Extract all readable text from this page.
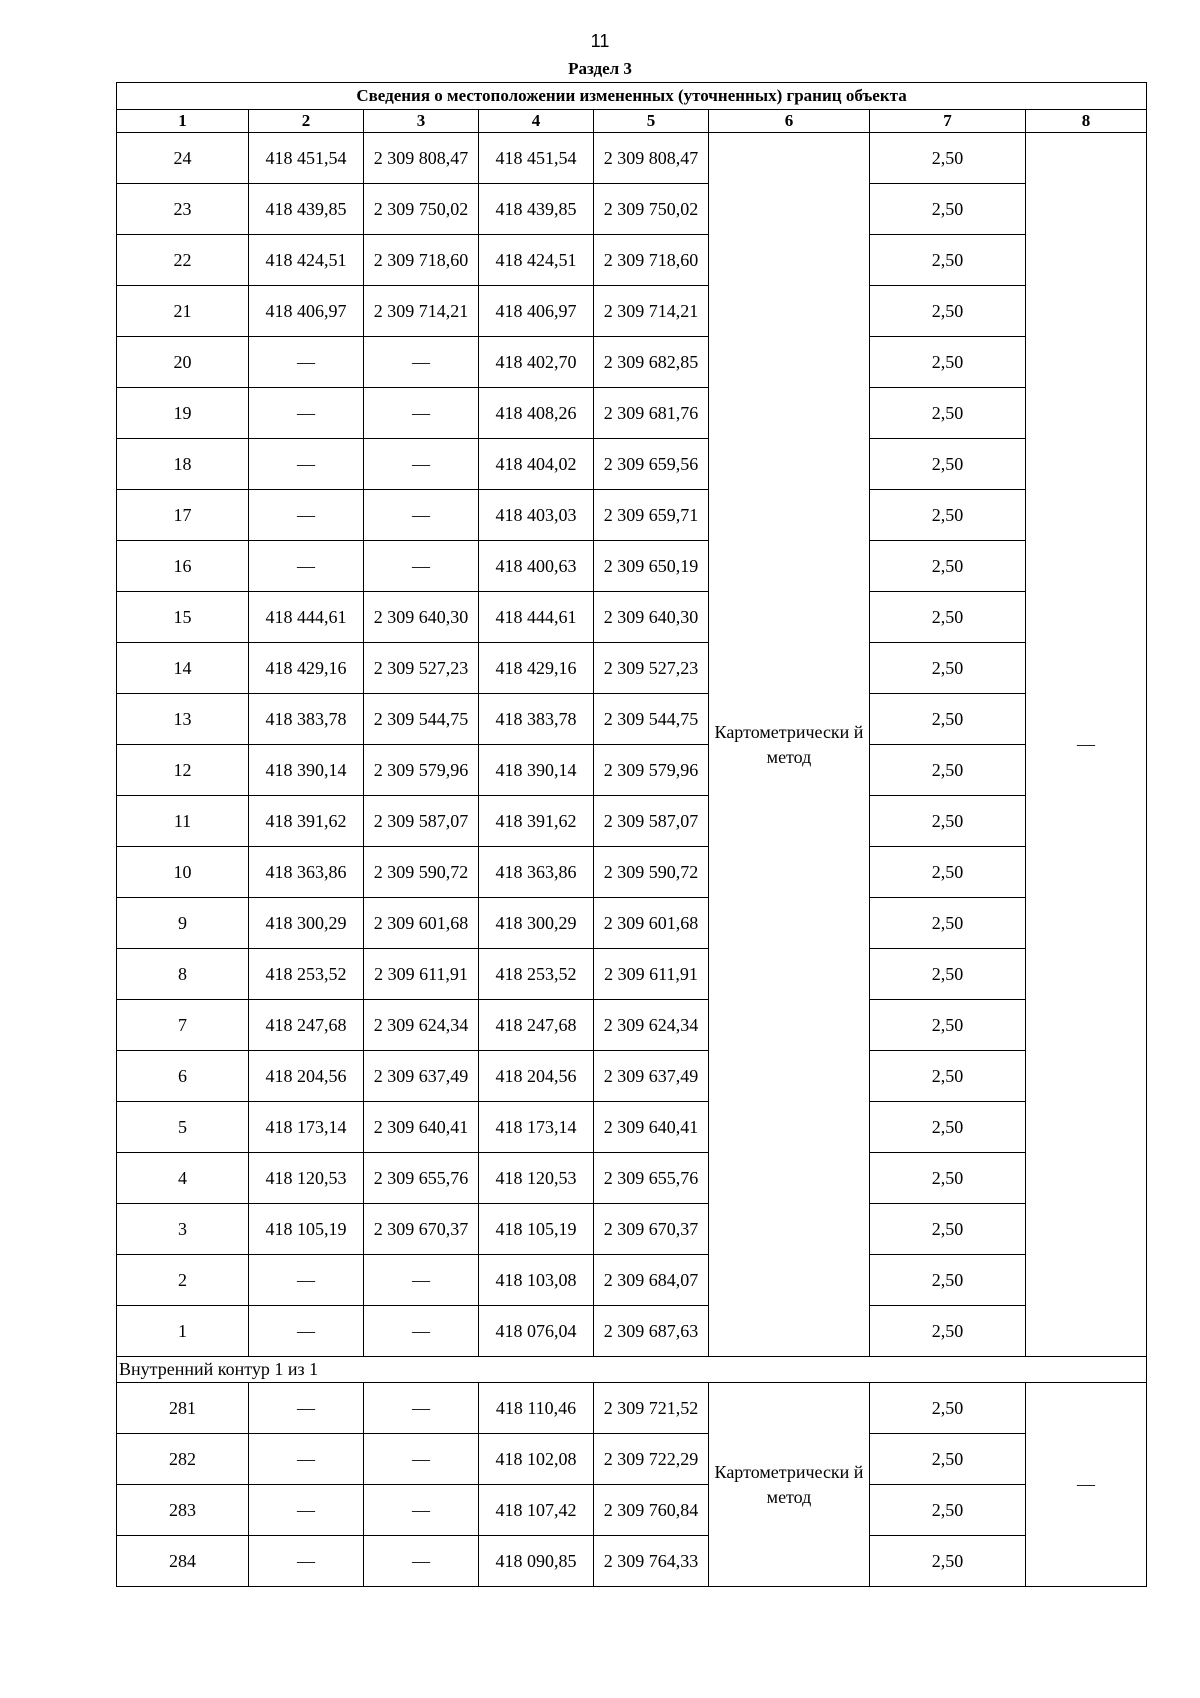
11
Раздел 3
Сведения о местоположении измененных (уточненных) границ объекта							
1	2	3	4	5	6	7	8
24	418 451,54	2 309 808,47	418 451,54	2 309 808,47	Картометрически й метод	2,50	—
23	418 439,85	2 309 750,02	418 439,85	2 309 750,02		2,50	
22	418 424,51	2 309 718,60	418 424,51	2 309 718,60		2,50	
21	418 406,97	2 309 714,21	418 406,97	2 309 714,21		2,50	
20	—	—	418 402,70	2 309 682,85		2,50	
19	—	—	418 408,26	2 309 681,76		2,50	
18	—	—	418 404,02	2 309 659,56		2,50	
17	—	—	418 403,03	2 309 659,71		2,50	
16	—	—	418 400,63	2 309 650,19		2,50	
15	418 444,61	2 309 640,30	418 444,61	2 309 640,30		2,50	
14	418 429,16	2 309 527,23	418 429,16	2 309 527,23		2,50	
13	418 383,78	2 309 544,75	418 383,78	2 309 544,75		2,50	
12	418 390,14	2 309 579,96	418 390,14	2 309 579,96		2,50	
11	418 391,62	2 309 587,07	418 391,62	2 309 587,07		2,50	
10	418 363,86	2 309 590,72	418 363,86	2 309 590,72		2,50	
9	418 300,29	2 309 601,68	418 300,29	2 309 601,68		2,50	
8	418 253,52	2 309 611,91	418 253,52	2 309 611,91		2,50	
7	418 247,68	2 309 624,34	418 247,68	2 309 624,34		2,50	
6	418 204,56	2 309 637,49	418 204,56	2 309 637,49		2,50	
5	418 173,14	2 309 640,41	418 173,14	2 309 640,41		2,50	
4	418 120,53	2 309 655,76	418 120,53	2 309 655,76		2,50	
3	418 105,19	2 309 670,37	418 105,19	2 309 670,37		2,50	
2	—	—	418 103,08	2 309 684,07		2,50	
1	—	—	418 076,04	2 309 687,63		2,50	
Внутренний контур 1 из 1							
281	—	—	418 110,46	2 309 721,52	Картометрически й метод	2,50	—
282	—	—	418 102,08	2 309 722,29		2,50	
283	—	—	418 107,42	2 309 760,84		2,50	
284	—	—	418 090,85	2 309 764,33		2,50	
